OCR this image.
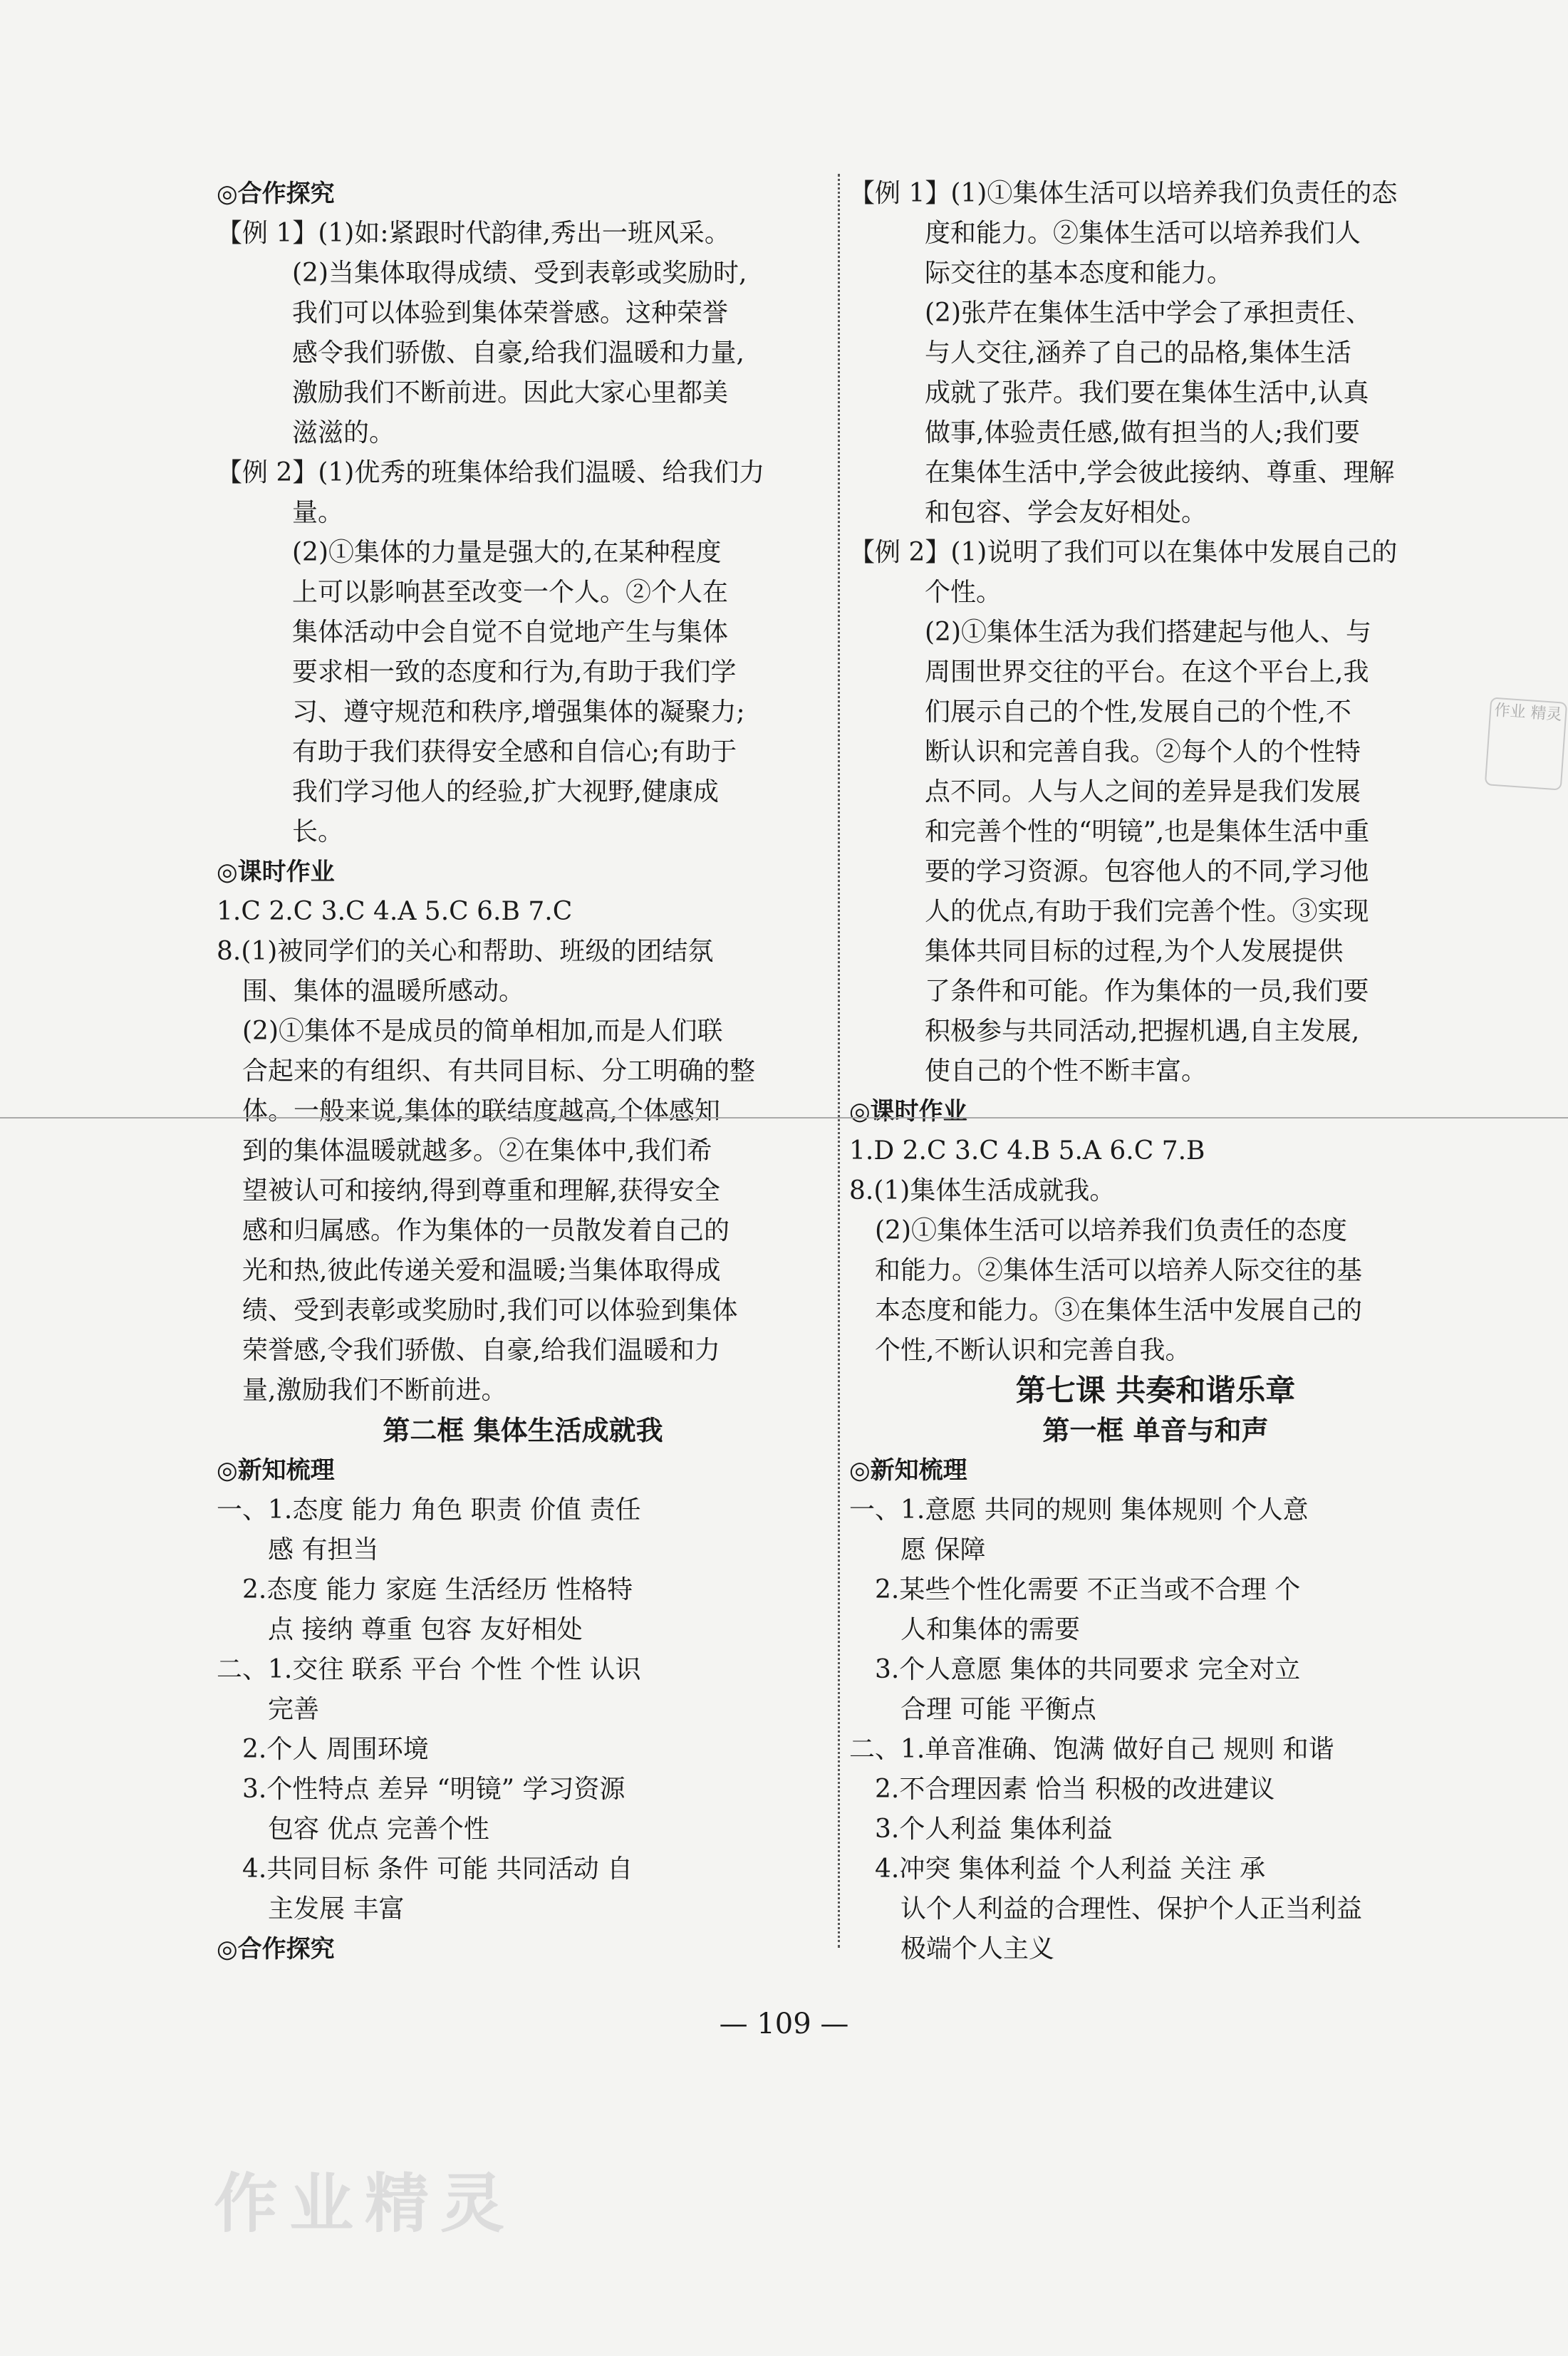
◎合作探究
【例 1】(1)如:紧跟时代韵律,秀出一班风采。
(2)当集体取得成绩、受到表彰或奖励时,
我们可以体验到集体荣誉感。这种荣誉
感令我们骄傲、自豪,给我们温暖和力量,
激励我们不断前进。因此大家心里都美
滋滋的。
【例 2】(1)优秀的班集体给我们温暖、给我们力
量。
(2)①集体的力量是强大的,在某种程度
上可以影响甚至改变一个人。②个人在
集体活动中会自觉不自觉地产生与集体
要求相一致的态度和行为,有助于我们学
习、遵守规范和秩序,增强集体的凝聚力;
有助于我们获得安全感和自信心;有助于
我们学习他人的经验,扩大视野,健康成
长。
◎课时作业
1.C 2.C 3.C 4.A 5.C 6.B 7.C
8.(1)被同学们的关心和帮助、班级的团结氛
围、集体的温暖所感动。
(2)①集体不是成员的简单相加,而是人们联
合起来的有组织、有共同目标、分工明确的整
体。一般来说,集体的联结度越高,个体感知
到的集体温暖就越多。②在集体中,我们希
望被认可和接纳,得到尊重和理解,获得安全
感和归属感。作为集体的一员散发着自己的
光和热,彼此传递关爱和温暖;当集体取得成
绩、受到表彰或奖励时,我们可以体验到集体
荣誉感,令我们骄傲、自豪,给我们温暖和力
量,激励我们不断前进。
第二框 集体生活成就我
◎新知梳理
一、1.态度 能力 角色 职责 价值 责任
感 有担当
2.态度 能力 家庭 生活经历 性格特
点 接纳 尊重 包容 友好相处
二、1.交往 联系 平台 个性 个性 认识
完善
2.个人 周围环境
3.个性特点 差异 “明镜” 学习资源
包容 优点 完善个性
4.共同目标 条件 可能 共同活动 自
主发展 丰富
◎合作探究
【例 1】(1)①集体生活可以培养我们负责任的态
度和能力。②集体生活可以培养我们人
际交往的基本态度和能力。
(2)张芹在集体生活中学会了承担责任、
与人交往,涵养了自己的品格,集体生活
成就了张芹。我们要在集体生活中,认真
做事,体验责任感,做有担当的人;我们要
在集体生活中,学会彼此接纳、尊重、理解
和包容、学会友好相处。
【例 2】(1)说明了我们可以在集体中发展自己的
个性。
(2)①集体生活为我们搭建起与他人、与
周围世界交往的平台。在这个平台上,我
们展示自己的个性,发展自己的个性,不
断认识和完善自我。②每个人的个性特
点不同。人与人之间的差异是我们发展
和完善个性的“明镜”,也是集体生活中重
要的学习资源。包容他人的不同,学习他
人的优点,有助于我们完善个性。③实现
集体共同目标的过程,为个人发展提供
了条件和可能。作为集体的一员,我们要
积极参与共同活动,把握机遇,自主发展,
使自己的个性不断丰富。
◎课时作业
1.D 2.C 3.C 4.B 5.A 6.C 7.B
8.(1)集体生活成就我。
(2)①集体生活可以培养我们负责任的态度
和能力。②集体生活可以培养人际交往的基
本态度和能力。③在集体生活中发展自己的
个性,不断认识和完善自我。
第七课 共奏和谐乐章
第一框 单音与和声
◎新知梳理
一、1.意愿 共同的规则 集体规则 个人意
愿 保障
2.某些个性化需要 不正当或不合理 个
人和集体的需要
3.个人意愿 集体的共同要求 完全对立
合理 可能 平衡点
二、1.单音准确、饱满 做好自己 规则 和谐
2.不合理因素 恰当 积极的改进建议
3.个人利益 集体利益
4.冲突 集体利益 个人利益 关注 承
认个人利益的合理性、保护个人正当利益
极端个人主义
— 109 —
作业 精灵
作业精灵
